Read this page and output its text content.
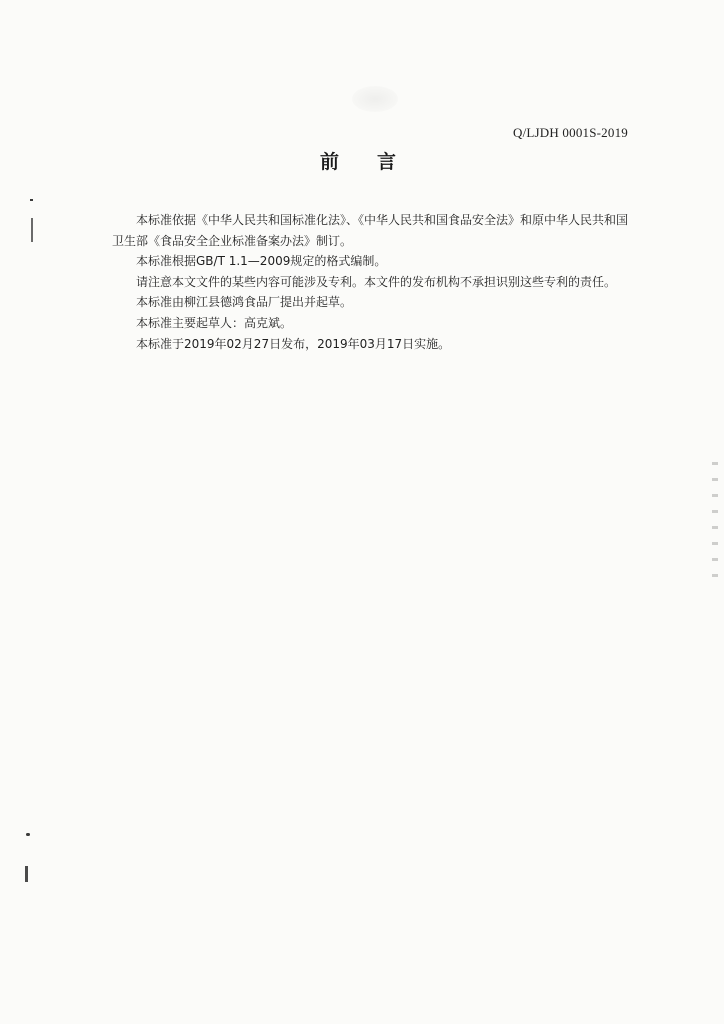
Q/LJDH 0001S-2019
前　　言

本标准依据《中华人民共和国标准化法》、《中华人民共和国食品安全法》和原中华人民共和国卫生部《食品安全企业标准备案办法》制订。

本标准根据GB/T 1.1—2009规定的格式编制。

请注意本文文件的某些内容可能涉及专利。本文件的发布机构不承担识别这些专利的责任。

本标准由柳江县德鸿食品厂提出并起草。

本标准主要起草人：高克斌。

本标准于2019年02月27日发布，2019年03月17日实施。
